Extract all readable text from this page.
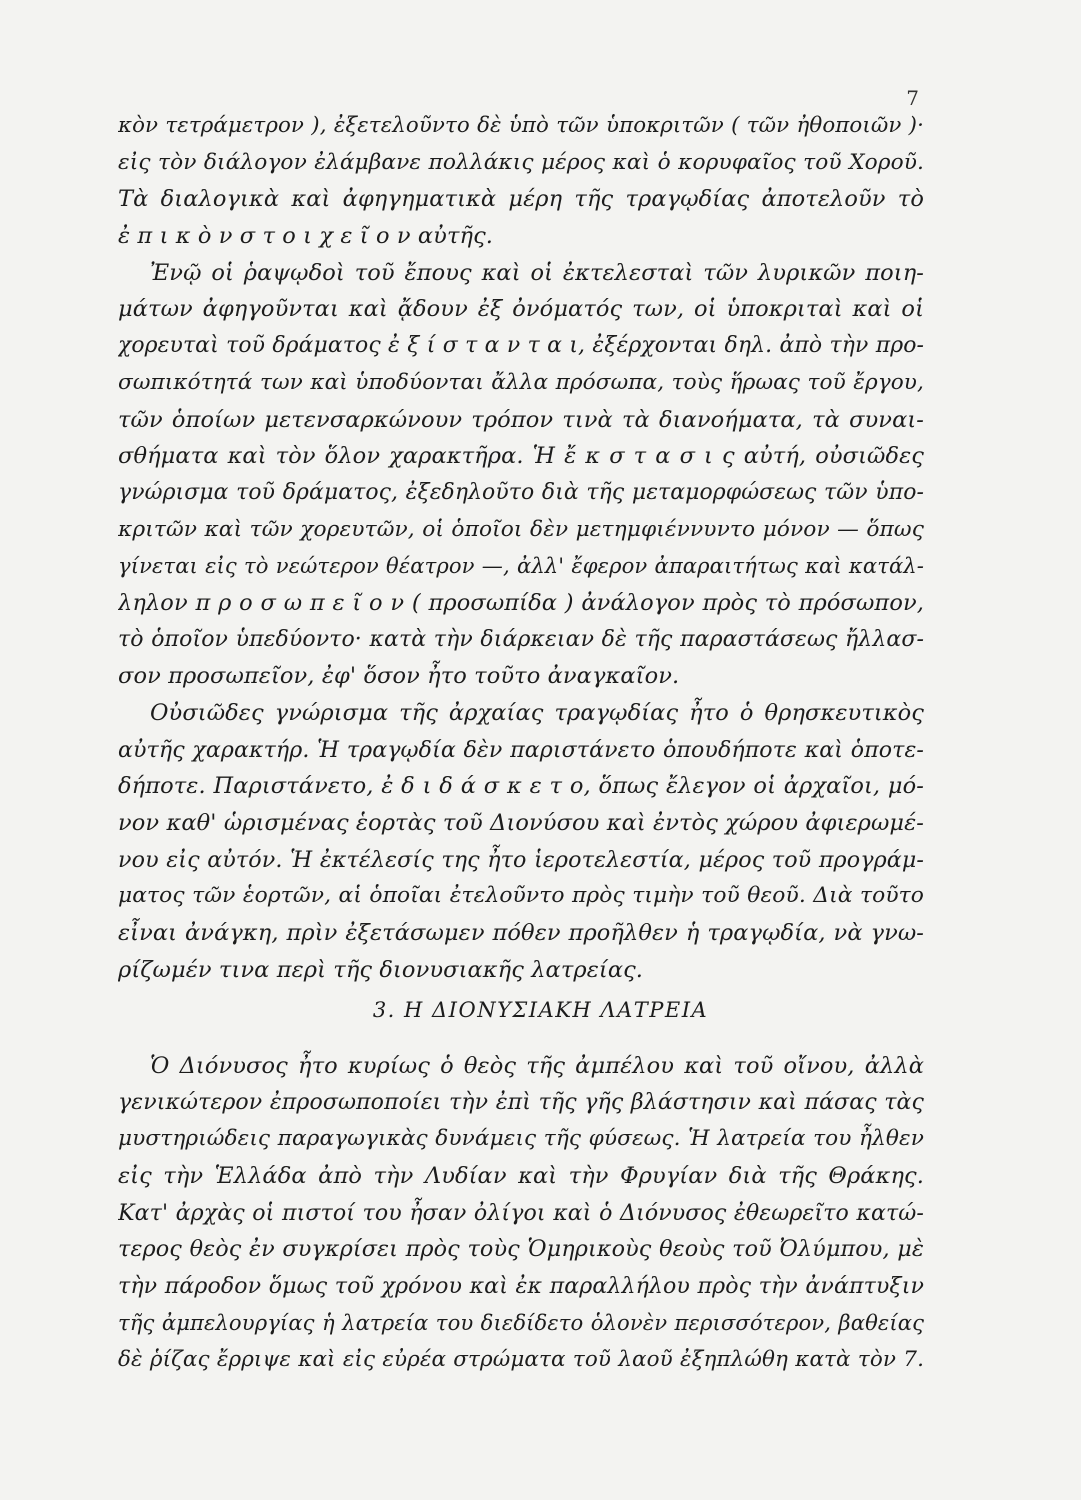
7
κὸν τετράμετρον ), ἐξετελοῦντο δὲ ὑπὸ τῶν ὑποκριτῶν ( τῶν ἠθοποιῶν )·
εἰς τὸν διάλογον ἐλάμβανε πολλάκις μέρος καὶ ὁ κορυφαῖος τοῦ Χοροῦ.
Τὰ διαλογικὰ καὶ ἀφηγηματικὰ μέρη τῆς τραγῳδίας ἀποτελοῦν τὸ
ἐ π ι κ ὸ ν σ τ ο ι χ ε ῖ ο ν αὐτῆς.
Ἐνῷ οἱ ῥαψῳδοὶ τοῦ ἔπους καὶ οἱ ἐκτελεσταὶ τῶν λυρικῶν ποιη-
μάτων ἀφηγοῦνται καὶ ᾄδουν ἐξ ὀνόματός των, οἱ ὑποκριταὶ καὶ οἱ
χορευταὶ τοῦ δράματος ἐ ξ ί σ τ α ν τ α ι, ἐξέρχονται δηλ. ἀπὸ τὴν προ-
σωπικότητά των καὶ ὑποδύονται ἄλλα πρόσωπα, τοὺς ἥρωας τοῦ ἔργου,
τῶν ὁποίων μετενσαρκώνουν τρόπον τινὰ τὰ διανοήματα, τὰ συναι-
σθήματα καὶ τὸν ὅλον χαρακτῆρα. Ἡ ἔ κ σ τ α σ ι ς αὐτή, οὐσιῶδες
γνώρισμα τοῦ δράματος, ἐξεδηλοῦτο διὰ τῆς μεταμορφώσεως τῶν ὑπο-
κριτῶν καὶ τῶν χορευτῶν, οἱ ὁποῖοι δὲν μετημφιέννυντο μόνον — ὅπως
γίνεται εἰς τὸ νεώτερον θέατρον —, ἀλλ' ἔφερον ἀπαραιτήτως καὶ κατάλ-
ληλον π ρ ο σ ω π ε ῖ ο ν ( προσωπίδα ) ἀνάλογον πρὸς τὸ πρόσωπον,
τὸ ὁποῖον ὑπεδύοντο· κατὰ τὴν διάρκειαν δὲ τῆς παραστάσεως ἤλλασ-
σον προσωπεῖον, ἐφ' ὅσον ἦτο τοῦτο ἀναγκαῖον.
Οὐσιῶδες γνώρισμα τῆς ἀρχαίας τραγῳδίας ἦτο ὁ θρησκευτικὸς
αὐτῆς χαρακτήρ. Ἡ τραγῳδία δὲν παριστάνετο ὁπουδήποτε καὶ ὁποτε-
δήποτε. Παριστάνετο, ἐ δ ι δ ά σ κ ε τ ο, ὅπως ἔλεγον οἱ ἀρχαῖοι, μό-
νον καθ' ὡρισμένας ἑορτὰς τοῦ Διονύσου καὶ ἐντὸς χώρου ἀφιερωμέ-
νου εἰς αὐτόν. Ἡ ἐκτέλεσίς της ἦτο ἱεροτελεστία, μέρος τοῦ προγράμ-
ματος τῶν ἑορτῶν, αἱ ὁποῖαι ἐτελοῦντο πρὸς τιμὴν τοῦ θεοῦ. Διὰ τοῦτο
εἶναι ἀνάγκη, πρὶν ἐξετάσωμεν πόθεν προῆλθεν ἡ τραγῳδία, νὰ γνω-
ρίζωμέν τινα περὶ τῆς διονυσιακῆς λατρείας.
3. Η ΔΙΟΝΥΣΙΑΚΗ ΛΑΤΡΕΙΑ
Ὁ Διόνυσος ἦτο κυρίως ὁ θεὸς τῆς ἀμπέλου καὶ τοῦ οἴνου, ἀλλὰ
γενικώτερον ἐπροσωποποίει τὴν ἐπὶ τῆς γῆς βλάστησιν καὶ πάσας τὰς
μυστηριώδεις παραγωγικὰς δυνάμεις τῆς φύσεως. Ἡ λατρεία του ἦλθεν
εἰς τὴν Ἑλλάδα ἀπὸ τὴν Λυδίαν καὶ τὴν Φρυγίαν διὰ τῆς Θράκης.
Κατ' ἀρχὰς οἱ πιστοί του ἦσαν ὀλίγοι καὶ ὁ Διόνυσος ἐθεωρεῖτο κατώ-
τερος θεὸς ἐν συγκρίσει πρὸς τοὺς Ὁμηρικοὺς θεοὺς τοῦ Ὀλύμπου, μὲ
τὴν πάροδον ὅμως τοῦ χρόνου καὶ ἐκ παραλλήλου πρὸς τὴν ἀνάπτυξιν
τῆς ἀμπελουργίας ἡ λατρεία του διεδίδετο ὁλονὲν περισσότερον, βαθείας
δὲ ῥίζας ἔρριψε καὶ εἰς εὐρέα στρώματα τοῦ λαοῦ ἐξηπλώθη κατὰ τὸν 7.
